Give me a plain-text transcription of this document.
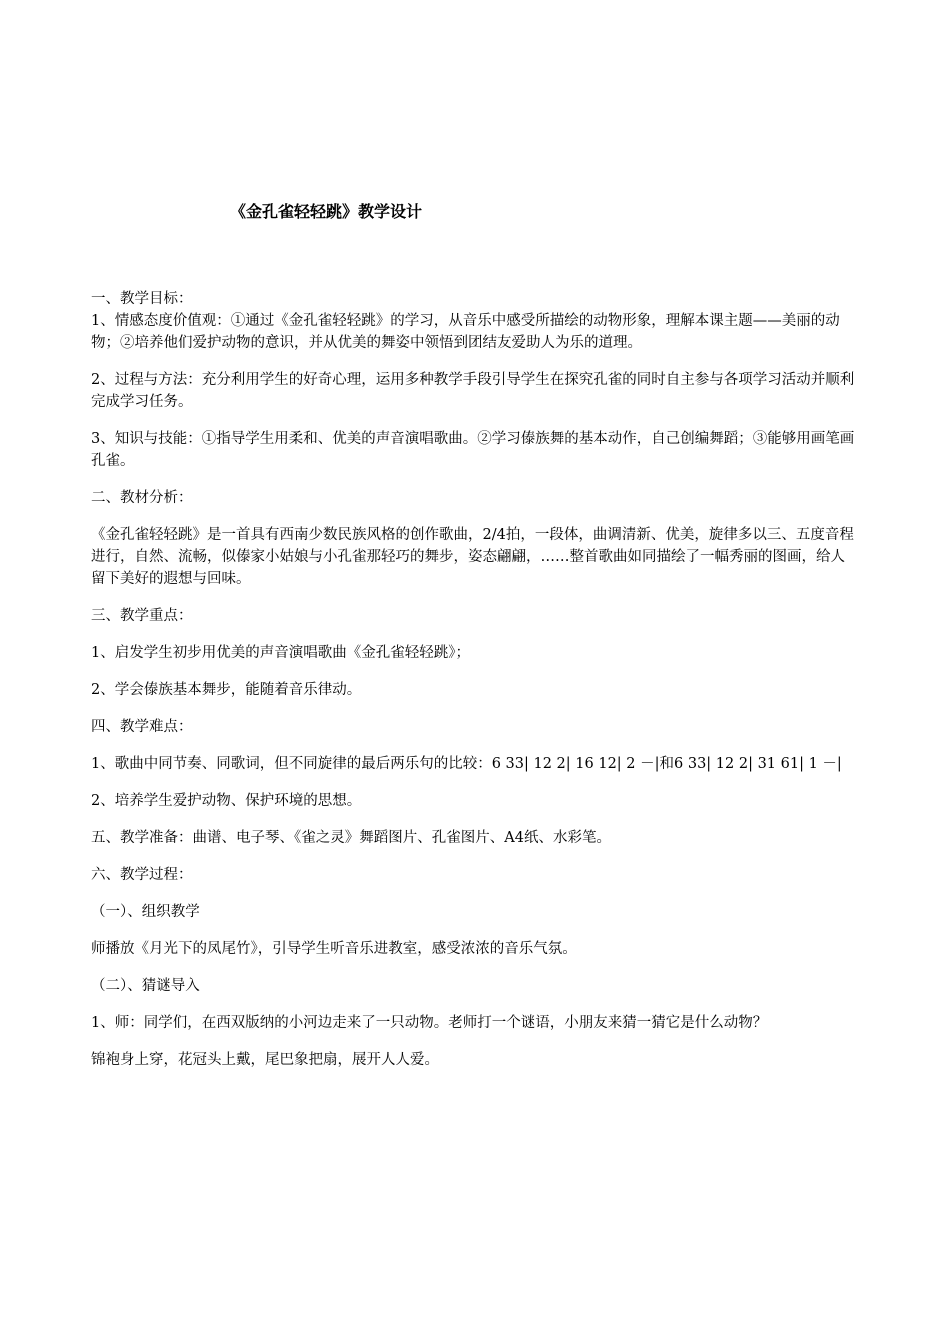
《金孔雀轻轻跳》教学设计

一、教学目标：

1、情感态度价值观：①通过《金孔雀轻轻跳》的学习，从音乐中感受所描绘的动物形象，理解本课主题——美丽的动物；②培养他们爱护动物的意识，并从优美的舞姿中领悟到团结友爱助人为乐的道理。

2、过程与方法：充分利用学生的好奇心理，运用多种教学手段引导学生在探究孔雀的同时自主参与各项学习活动并顺利完成学习任务。

3、知识与技能：①指导学生用柔和、优美的声音演唱歌曲。②学习傣族舞的基本动作，自己创编舞蹈；③能够用画笔画孔雀。

二、教材分析：

《金孔雀轻轻跳》是一首具有西南少数民族风格的创作歌曲，2/4拍，一段体，曲调清新、优美，旋律多以三、五度音程进行，自然、流畅，似傣家小姑娘与小孔雀那轻巧的舞步，姿态翩翩，……整首歌曲如同描绘了一幅秀丽的图画，给人留下美好的遐想与回味。

三、教学重点：

1、启发学生初步用优美的声音演唱歌曲《金孔雀轻轻跳》；

2、学会傣族基本舞步，能随着音乐律动。

四、教学难点：

1、歌曲中同节奏、同歌词，但不同旋律的最后两乐句的比较：6 33| 12 2| 16 12| 2 －|和6 33| 12 2| 31 61| 1 －|

2、培养学生爱护动物、保护环境的思想。

五、教学准备：曲谱、电子琴、《雀之灵》舞蹈图片、孔雀图片、A4纸、水彩笔。

六、教学过程：

（一）、组织教学

师播放《月光下的凤尾竹》，引导学生听音乐进教室，感受浓浓的音乐气氛。

（二）、猜谜导入

1、师：同学们，在西双版纳的小河边走来了一只动物。老师打一个谜语，小朋友来猜一猜它是什么动物？

锦袍身上穿，花冠头上戴，尾巴象把扇，展开人人爱。
